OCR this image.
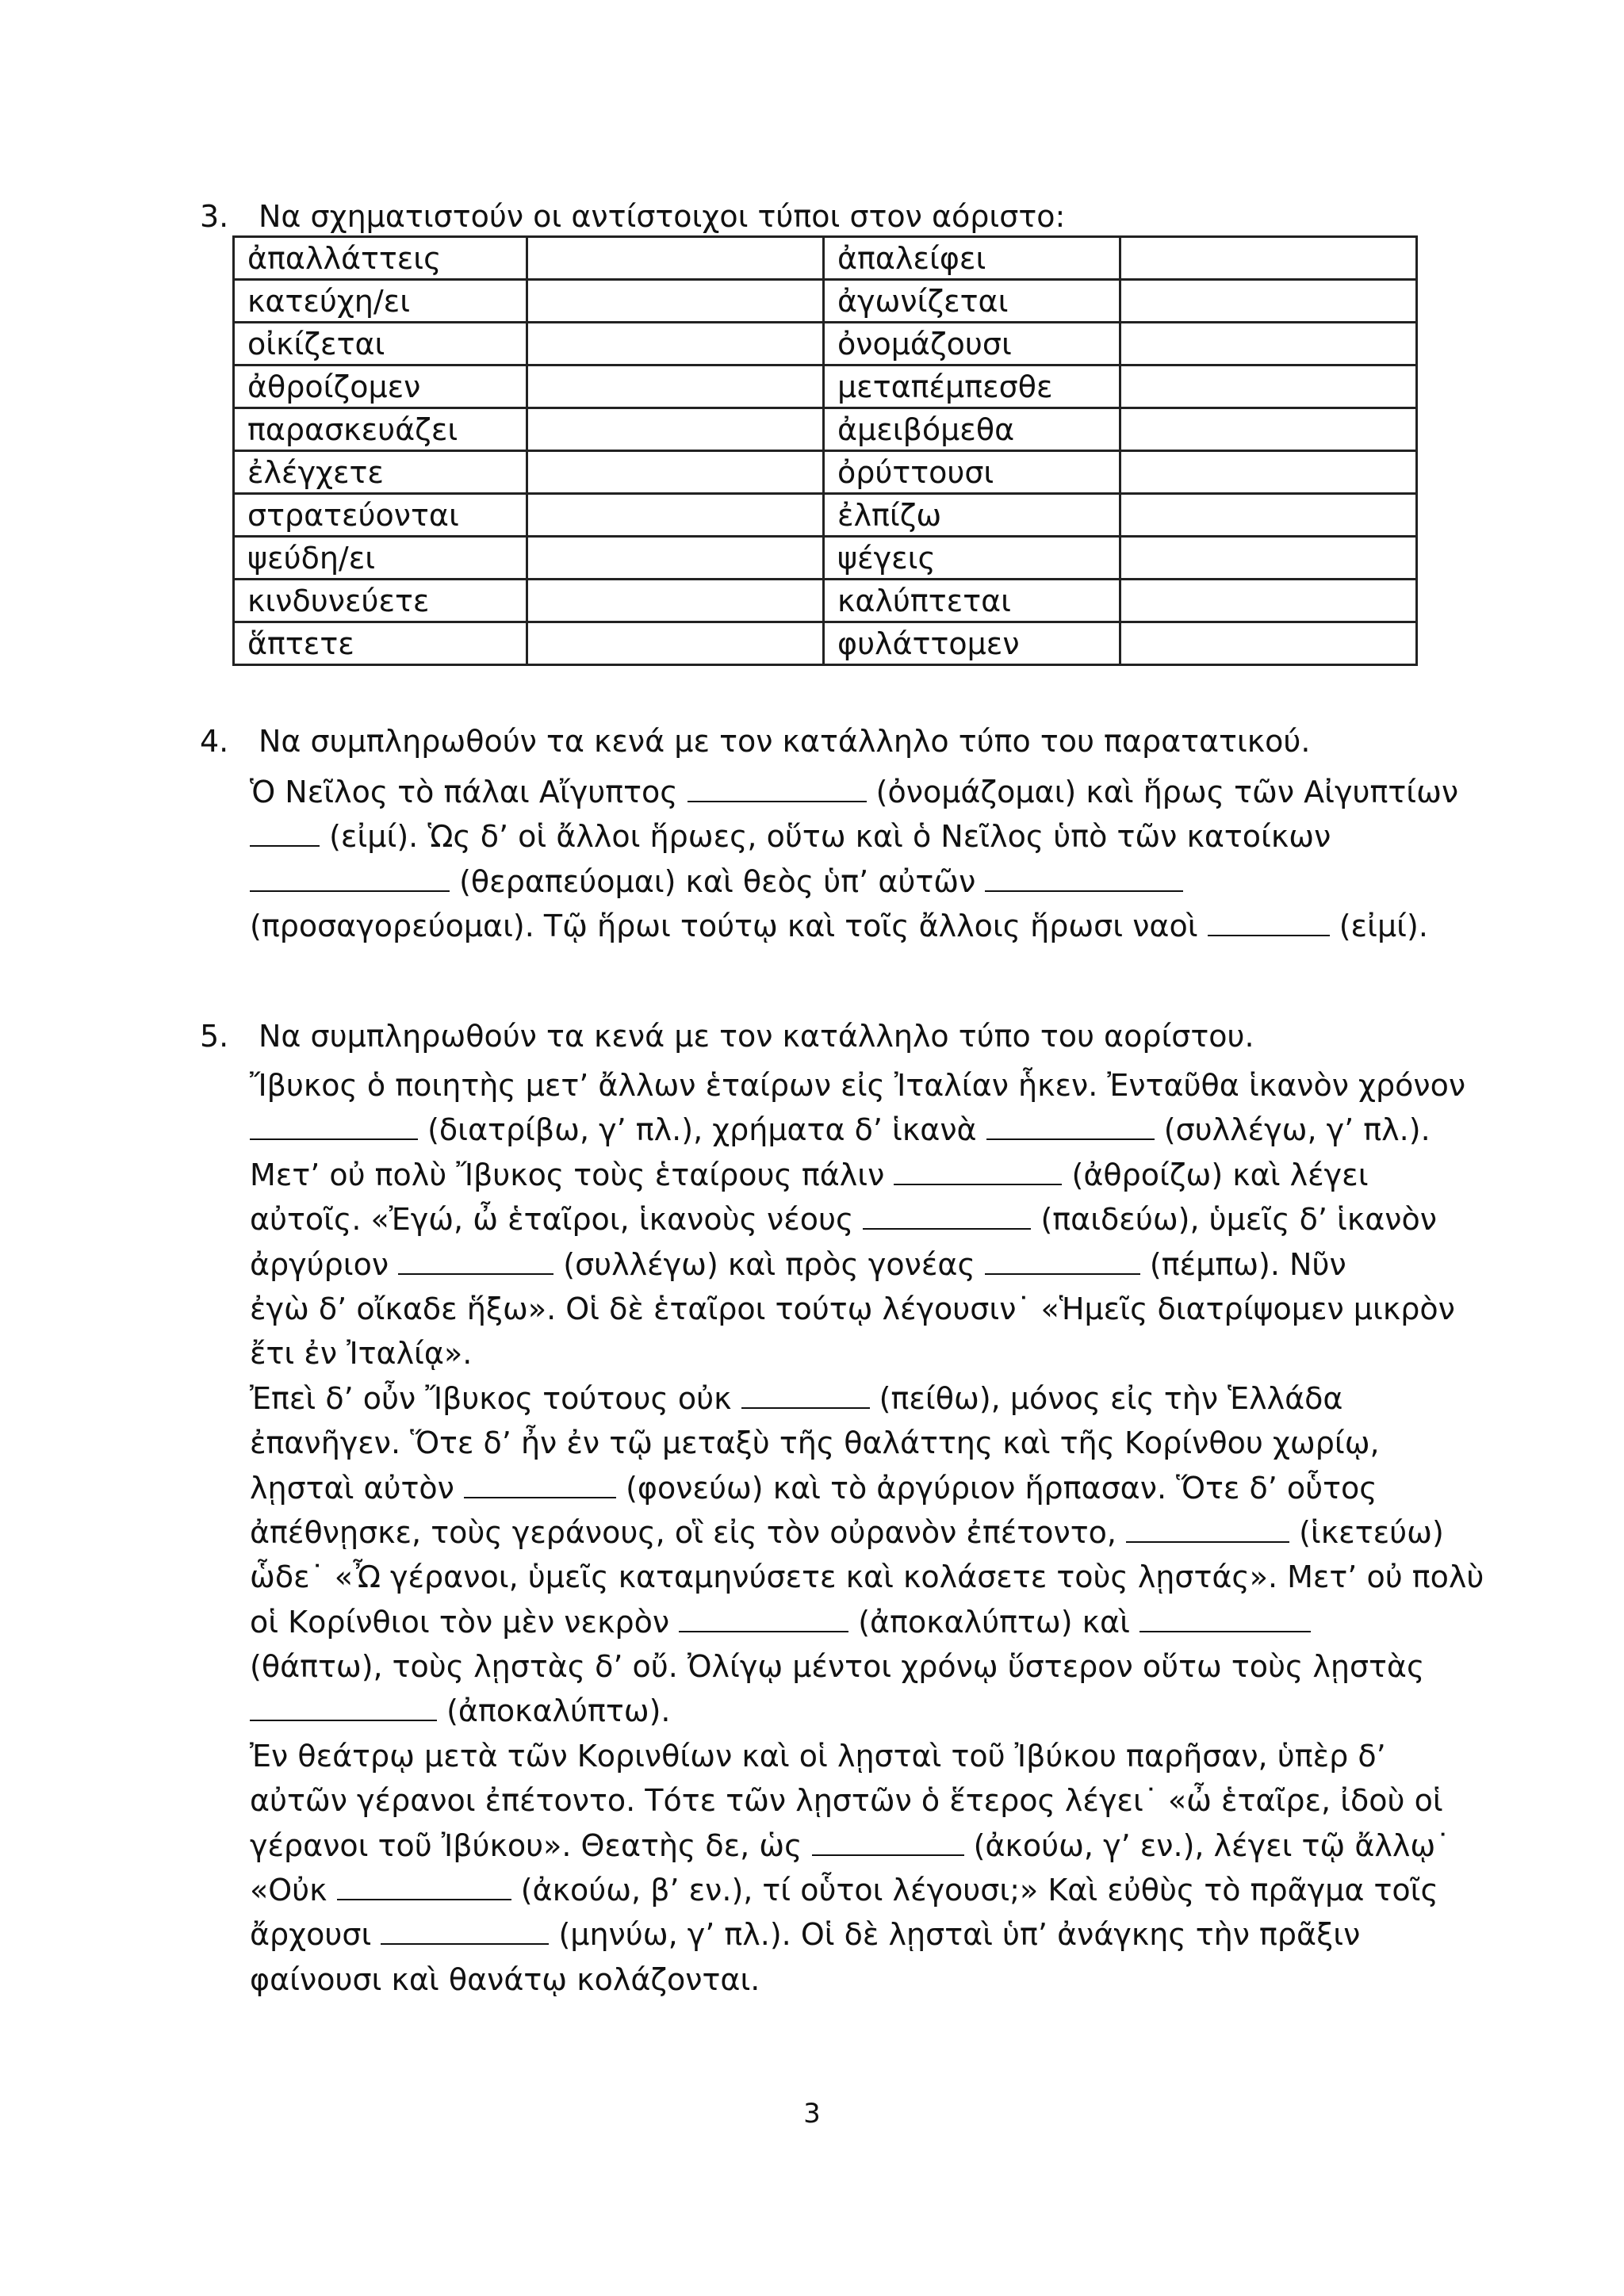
3. Να σχηματιστούν οι αντίστοιχοι τύποι στον αόριστο:
ἀπαλλάττεις		ἀπαλείφει	
κατεύχη/ει		ἀγωνίζεται	
οἰκίζεται		ὀνομάζουσι	
ἀθροίζομεν		μεταπέμπεσθε	
παρασκευάζει		ἀμειβόμεθα	
ἐλέγχετε		ὀρύττουσι	
στρατεύονται		ἐλπίζω	
ψεύδη/ει		ψέγεις	
κινδυνεύετε		καλύπτεται	
ἅπτετε		φυλάττομεν	
4. Να συμπληρωθούν τα κενά με τον κατάλληλο τύπο του παρατατικού.
Ὁ Νεῖλος τὸ πάλαι Αἴγυπτος	(ὀνομάζομαι) καὶ ἥρως τῶν Αἰγυπτίων
(εἰμί). Ὡς δ’ οἱ ἄλλοι ἥρωες, οὕτω καὶ ὁ Νεῖλος ὑπὸ τῶν κατοίκων
(θεραπεύομαι) καὶ θεὸς ὑπ’ αὐτῶν
(προσαγορεύομαι). Τῷ ἥρωι τούτῳ καὶ τοῖς ἄλλοις ἥρωσι ναοὶ	(εἰμί).
5. Να συμπληρωθούν τα κενά με τον κατάλληλο τύπο του αορίστου.
Ἴβυκος ὁ ποιητὴς μετ’ ἄλλων ἑταίρων εἰς Ἰταλίαν ἧκεν. Ἐνταῦθα ἱκανὸν χρόνον
(διατρίβω, γ’ πλ.), χρήματα δ’ ἱκανὰ	(συλλέγω, γ’ πλ.).
Μετ’ οὐ πολὺ Ἴβυκος τοὺς ἑταίρους πάλιν	(ἀθροίζω) καὶ λέγει
αὐτοῖς. «Ἐγώ, ὦ ἑταῖροι, ἱκανοὺς νέους	(παιδεύω), ὑμεῖς δ’ ἱκανὸν
ἀργύριον	(συλλέγω) καὶ πρὸς γονέας	(πέμπω). Νῦν
ἐγὼ δ’ οἴκαδε ἥξω». Οἱ δὲ ἑταῖροι τούτῳ λέγουσιν˙ «Ἡμεῖς διατρίψομεν μικρὸν
ἔτι ἐν Ἰταλίᾳ».
Ἐπεὶ δ’ οὖν Ἴβυκος τούτους οὐκ	(πείθω), μόνος εἰς τὴν Ἑλλάδα
ἐπανῆγεν. Ὅτε δ’ ἦν ἐν τῷ μεταξὺ τῆς θαλάττης καὶ τῆς Κορίνθου χωρίῳ,
λῃσταὶ αὐτὸν	(φονεύω) καὶ τὸ ἀργύριον ἥρπασαν. Ὅτε δ’ οὗτος
ἀπέθνῃσκε, τοὺς γεράνους, οἳ εἰς τὸν οὐρανὸν ἐπέτοντο,	(ἱκετεύω)
ὧδε˙ «Ὦ γέρανοι, ὑμεῖς καταμηνύσετε καὶ κολάσετε τοὺς λῃστάς». Μετ’ οὐ πολὺ
οἱ Κορίνθιοι τὸν μὲν νεκρὸν	(ἀποκαλύπτω) καὶ
(θάπτω), τοὺς λῃστὰς δ’ οὔ. Ὀλίγῳ μέντοι χρόνῳ ὕστερον οὕτω τοὺς λῃστὰς
(ἀποκαλύπτω).
Ἐν θεάτρῳ μετὰ τῶν Κορινθίων καὶ οἱ λῃσταὶ τοῦ Ἰβύκου παρῆσαν, ὑπὲρ δ’
αὐτῶν γέρανοι ἐπέτοντο. Τότε τῶν λῃστῶν ὁ ἕτερος λέγει˙ «ὦ ἑταῖρε, ἰδοὺ οἱ
γέρανοι τοῦ Ἰβύκου». Θεατὴς δε, ὡς	(ἀκούω, γ’ εν.), λέγει τῷ ἄλλῳ˙
«Οὐκ	(ἀκούω, β’ εν.), τί οὗτοι λέγουσι;» Καὶ εὐθὺς τὸ πρᾶγμα τοῖς
ἄρχουσι	(μηνύω, γ’ πλ.). Οἱ δὲ λῃσταὶ ὑπ’ ἀνάγκης τὴν πρᾶξιν
φαίνουσι καὶ θανάτῳ κολάζονται.
3
